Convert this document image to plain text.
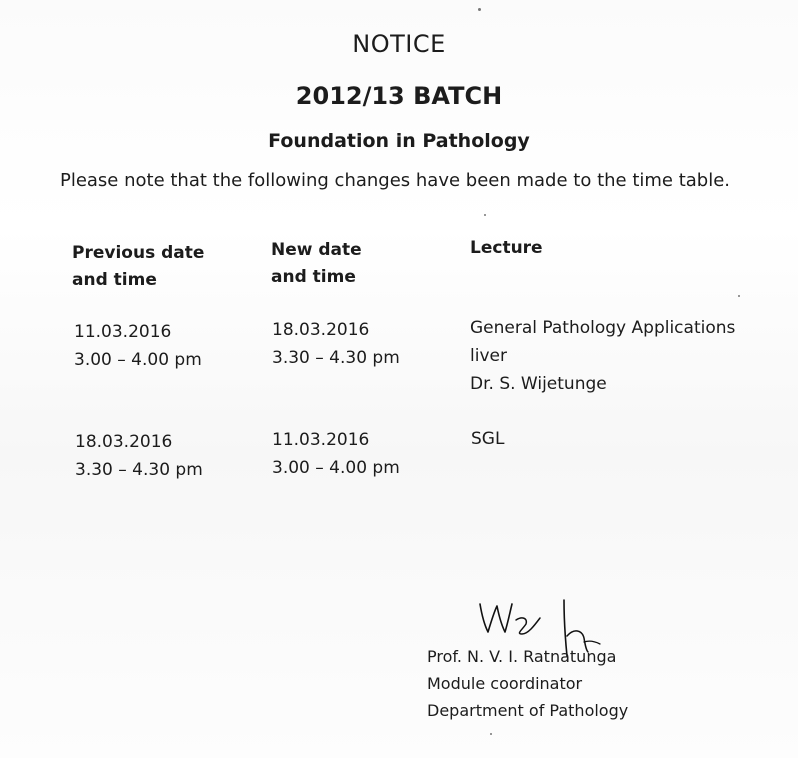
NOTICE
2012/13 BATCH
Foundation in Pathology
Please note that the following changes have been made to the time table.
Previous date
and time
New date
and time
Lecture
11.03.2016
3.00 – 4.00 pm
18.03.2016
3.30 – 4.30 pm
General Pathology Applications
liver
Dr. S. Wijetunge
18.03.2016
3.30 – 4.30 pm
11.03.2016
3.00 – 4.00 pm
SGL
Prof. N. V. I. Ratnatunga
Module coordinator
Department of Pathology
